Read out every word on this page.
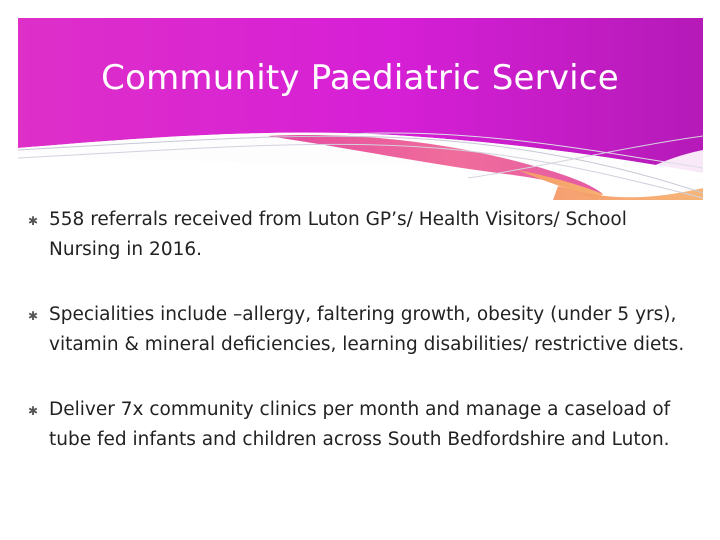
Community Paediatric Service
✱ 558 referrals received from Luton GP’s/ Health Visitors/ School Nursing in 2016.
✱ Specialities include –allergy, faltering growth, obesity (under 5 yrs), vitamin & mineral deficiencies, learning disabilities/ restrictive diets.
✱ Deliver 7x community clinics per month and manage a caseload of tube fed infants and children across South Bedfordshire and Luton.
